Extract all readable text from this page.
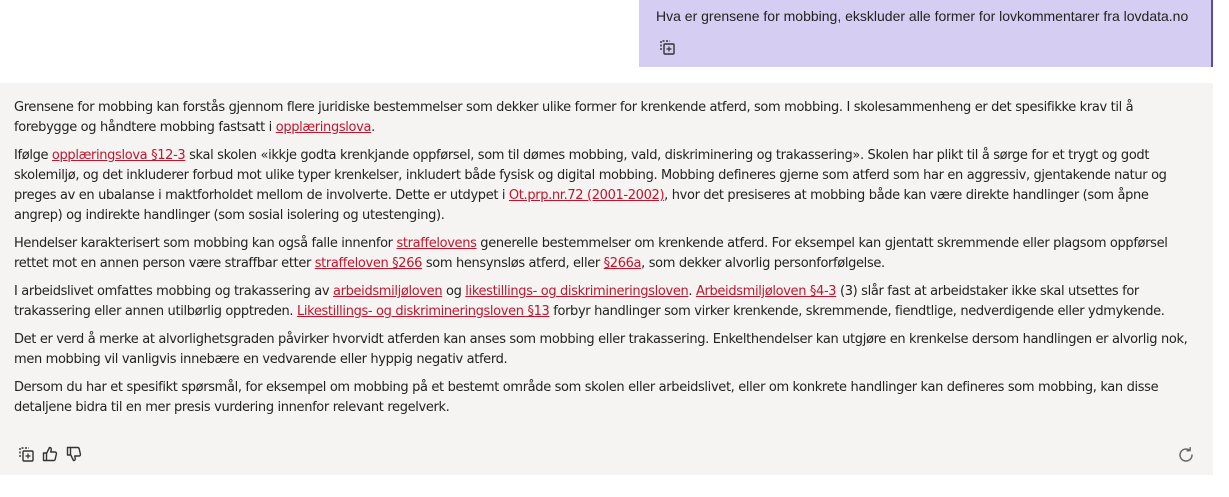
Hva er grensene for mobbing, ekskluder alle former for lovkommentarer fra lovdata.no

Grensene for mobbing kan forstås gjennom flere juridiske bestemmelser som dekker ulike former for krenkende atferd, som mobbing. I skolesammenheng er det spesifikke krav til å forebygge og håndtere mobbing fastsatt i opplæringslova.

Ifølge opplæringslova §12-3 skal skolen «ikkje godta krenkjande oppførsel, som til dømes mobbing, vald, diskriminering og trakassering». Skolen har plikt til å sørge for et trygt og godt skolemiljø, og det inkluderer forbud mot ulike typer krenkelser, inkludert både fysisk og digital mobbing. Mobbing defineres gjerne som atferd som har en aggressiv, gjentakende natur og preges av en ubalanse i maktforholdet mellom de involverte. Dette er utdypet i Ot.prp.nr.72 (2001-2002), hvor det presiseres at mobbing både kan være direkte handlinger (som åpne angrep) og indirekte handlinger (som sosial isolering og utestenging).

Hendelser karakterisert som mobbing kan også falle innenfor straffelovens generelle bestemmelser om krenkende atferd. For eksempel kan gjentatt skremmende eller plagsom oppførsel rettet mot en annen person være straffbar etter straffeloven §266 som hensynsløs atferd, eller §266a, som dekker alvorlig personforfølgelse.

I arbeidslivet omfattes mobbing og trakassering av arbeidsmiljøloven og likestillings- og diskrimineringsloven. Arbeidsmiljøloven §4-3 (3) slår fast at arbeidstaker ikke skal utsettes for trakassering eller annen utilbørlig opptreden. Likestillings- og diskrimineringsloven §13 forbyr handlinger som virker krenkende, skremmende, fiendtlige, nedverdigende eller ydmykende.

Det er verd å merke at alvorlighetsgraden påvirker hvorvidt atferden kan anses som mobbing eller trakassering. Enkelthendelser kan utgjøre en krenkelse dersom handlingen er alvorlig nok, men mobbing vil vanligvis innebære en vedvarende eller hyppig negativ atferd.

Dersom du har et spesifikt spørsmål, for eksempel om mobbing på et bestemt område som skolen eller arbeidslivet, eller om konkrete handlinger kan defineres som mobbing, kan disse detaljene bidra til en mer presis vurdering innenfor relevant regelverk.
